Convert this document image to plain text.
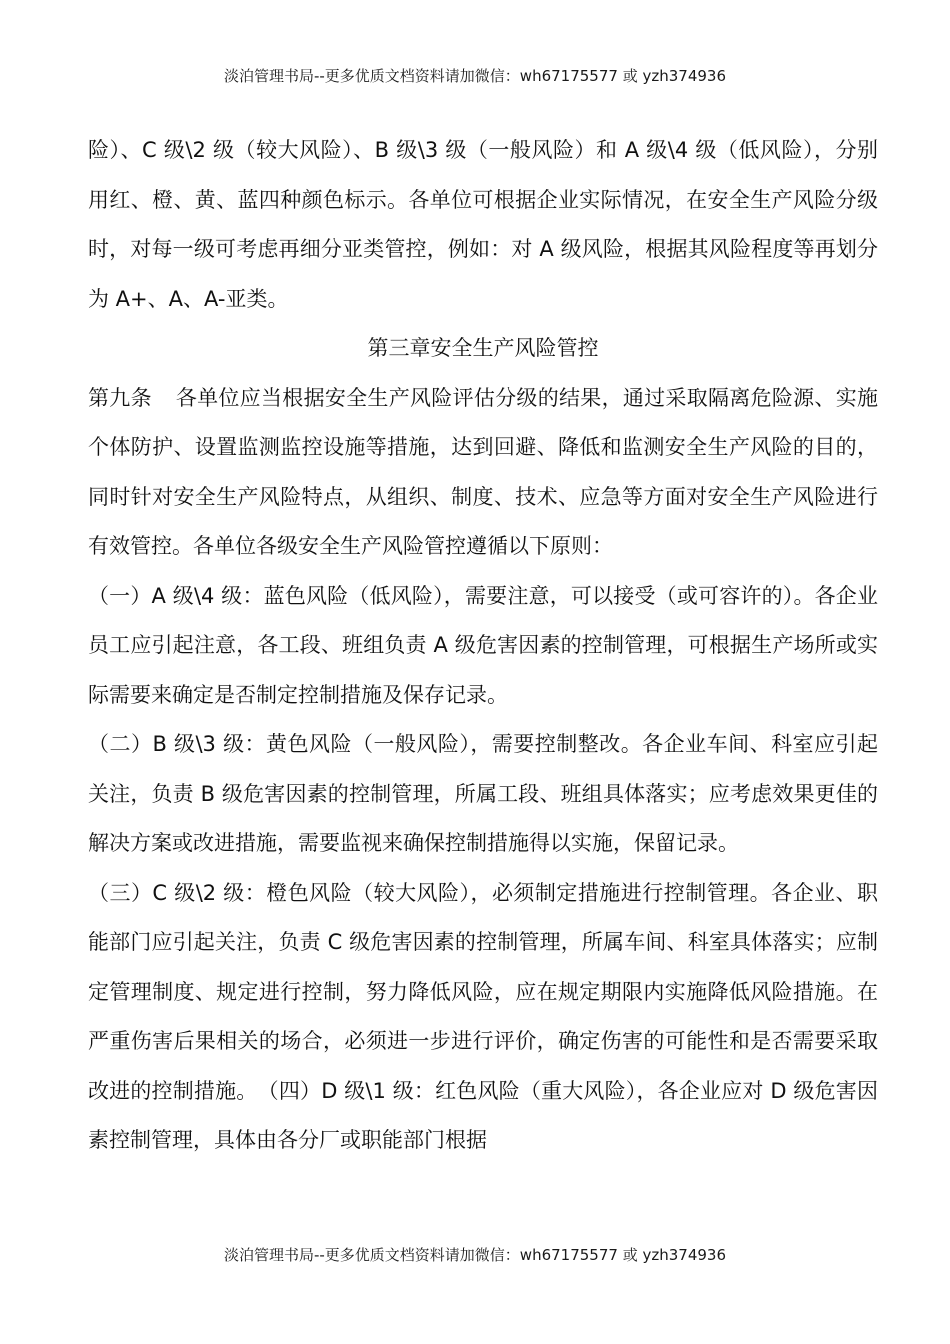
淡泊管理书局--更多优质文档资料请加微信：wh67175577 或 yzh374936

险）、C 级\2 级（较大风险）、B 级\3 级（一般风险）和 A 级\4 级（低风险），分别用红、橙、黄、蓝四种颜色标示。各单位可根据企业实际情况，在安全生产风险分级时，对每一级可考虑再细分亚类管控，例如：对 A 级风险，根据其风险程度等再划分为 A+、A、A-亚类。

第三章安全生产风险管控

第九条 各单位应当根据安全生产风险评估分级的结果，通过采取隔离危险源、实施个体防护、设置监测监控设施等措施，达到回避、降低和监测安全生产风险的目的，同时针对安全生产风险特点，从组织、制度、技术、应急等方面对安全生产风险进行有效管控。各单位各级安全生产风险管控遵循以下原则：

（一）A 级\4 级：蓝色风险（低风险），需要注意，可以接受（或可容许的）。各企业员工应引起注意，各工段、班组负责 A 级危害因素的控制管理，可根据生产场所或实际需要来确定是否制定控制措施及保存记录。

（二）B 级\3 级：黄色风险（一般风险），需要控制整改。各企业车间、科室应引起关注，负责 B 级危害因素的控制管理，所属工段、班组具体落实；应考虑效果更佳的解决方案或改进措施，需要监视来确保控制措施得以实施，保留记录。

（三）C 级\2 级：橙色风险（较大风险），必须制定措施进行控制管理。各企业、职能部门应引起关注，负责 C 级危害因素的控制管理，所属车间、科室具体落实；应制定管理制度、规定进行控制，努力降低风险，应在规定期限内实施降低风险措施。在严重伤害后果相关的场合，必须进一步进行评价，确定伤害的可能性和是否需要采取改进的控制措施。　（四）D 级\1 级：红色风险（重大风险），各企业应对 D 级危害因素控制管理，具体由各分厂或职能部门根据

淡泊管理书局--更多优质文档资料请加微信：wh67175577 或 yzh374936
